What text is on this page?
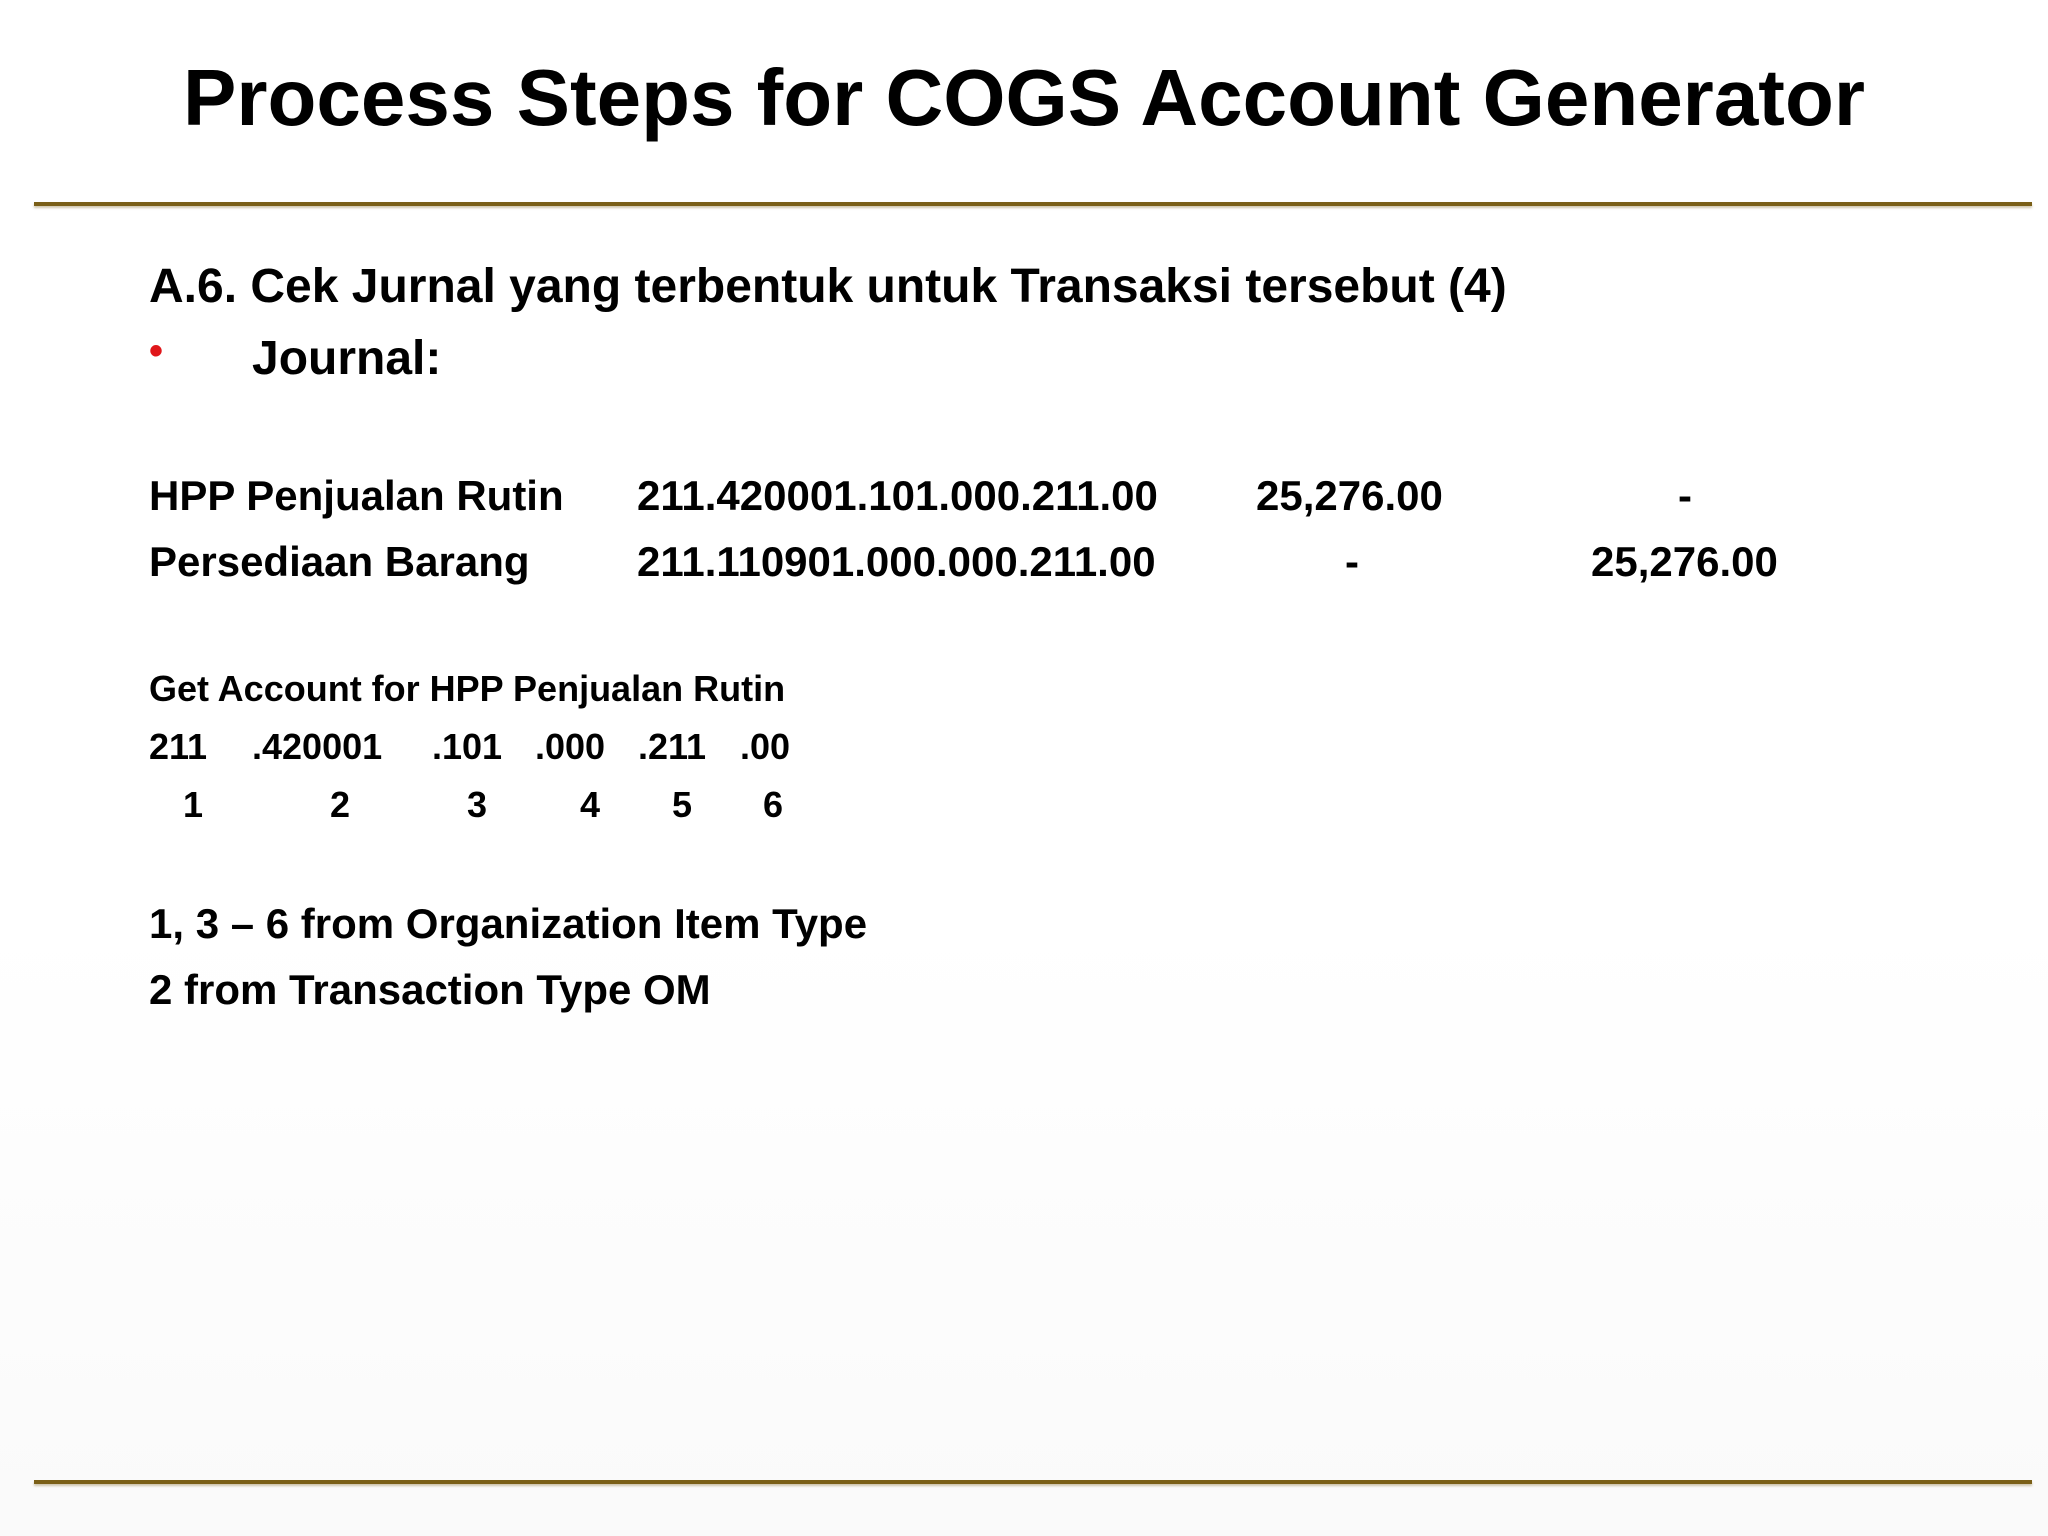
Process Steps for COGS Account Generator
A.6. Cek Jurnal yang terbentuk untuk Transaksi tersebut (4)
• Journal:
HPP Penjualan Rutin 211.420001.101.000.211.00 25,276.00	-
Persediaan Barang	211.110901.000.000.211.00	-	25,276.00
Get Account for HPP Penjualan Rutin
211 .420001 .101 .000 .211 .00
1	2	3	4 5 6
1, 3 – 6 from Organization Item Type
2 from Transaction Type OM
